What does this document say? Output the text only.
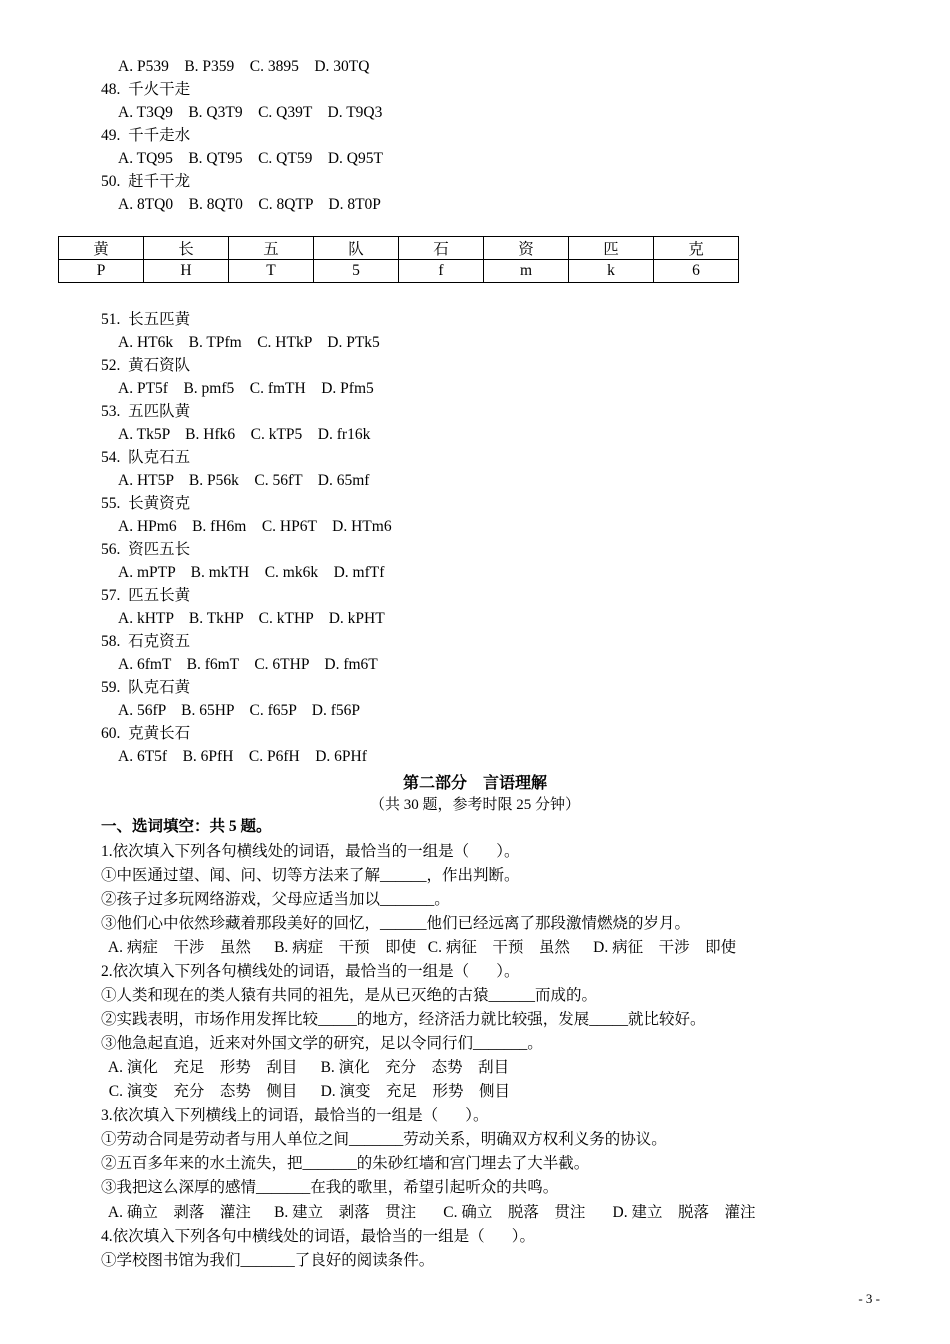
A. P539    B. P359    C. 3895    D. 30TQ
48.  千火干走
A. T3Q9    B. Q3T9    C. Q39T    D. T9Q3
49.  千千走水
A. TQ95    B. QT95    C. QT59    D. Q95T
50.  赶千干龙
A. 8TQ0    B. 8QT0    C. 8QTP    D. 8T0P
黄	长	五	队	石	资	匹	克
P	H	T	5	f	m	k	6
51.  长五匹黄
A. HT6k    B. TPfm    C. HTkP    D. PTk5
52.  黄石资队
A. PT5f    B. pmf5    C. fmTH    D. Pfm5
53.  五匹队黄
A. Tk5P    B. Hfk6    C. kTP5    D. fr16k
54.  队克石五
A. HT5P    B. P56k    C. 56fT    D. 65mf
55.  长黄资克
A. HPm6    B. fH6m    C. HP6T    D. HTm6
56.  资匹五长
A. mPTP    B. mkTH    C. mk6k    D. mfTf
57.  匹五长黄
A. kHTP    B. TkHP    C. kTHP    D. kPHT
58.  石克资五
A. 6fmT    B. f6mT    C. 6THP    D. fm6T
59.  队克石黄
A. 56fP    B. 65HP    C. f65P    D. f56P
60.  克黄长石
A. 6T5f    B. 6PfH    C. P6fH    D. 6PHf
第二部分    言语理解
（共 30 题，参考时限 25 分钟）
一、选词填空：共 5 题。
1.依次填入下列各句横线处的词语，最恰当的一组是（       ）。
①中医通过望、闻、问、切等方法来了解______，作出判断。
②孩子过多玩网络游戏，父母应适当加以_______。
③他们心中依然珍藏着那段美好的回忆，______他们已经远离了那段激情燃烧的岁月。
A. 病症    干涉    虽然      B. 病症    干预    即使   C. 病征    干预    虽然      D. 病征    干涉    即使
2.依次填入下列各句横线处的词语，最恰当的一组是（       ）。
①人类和现在的类人猿有共同的祖先，是从已灭绝的古猿______而成的。
②实践表明，市场作用发挥比较_____的地方，经济活力就比较强，发展_____就比较好。
③他急起直追，近来对外国文学的研究，足以令同行们_______。
A. 演化    充足    形势    刮目      B. 演化    充分    态势    刮目
C. 演变    充分    态势    侧目      D. 演变    充足    形势    侧目
3.依次填入下列横线上的词语，最恰当的一组是（       ）。
①劳动合同是劳动者与用人单位之间_______劳动关系，明确双方权利义务的协议。
②五百多年来的水土流失，把_______的朱砂红墙和宫门埋去了大半截。
③我把这么深厚的感情_______在我的歌里，希望引起听众的共鸣。
A. 确立    剥落    灌注      B. 建立    剥落    贯注       C. 确立    脱落    贯注       D. 建立    脱落    灌注
4.依次填入下列各句中横线处的词语，最恰当的一组是（       ）。
①学校图书馆为我们_______了良好的阅读条件。
- 3 -
